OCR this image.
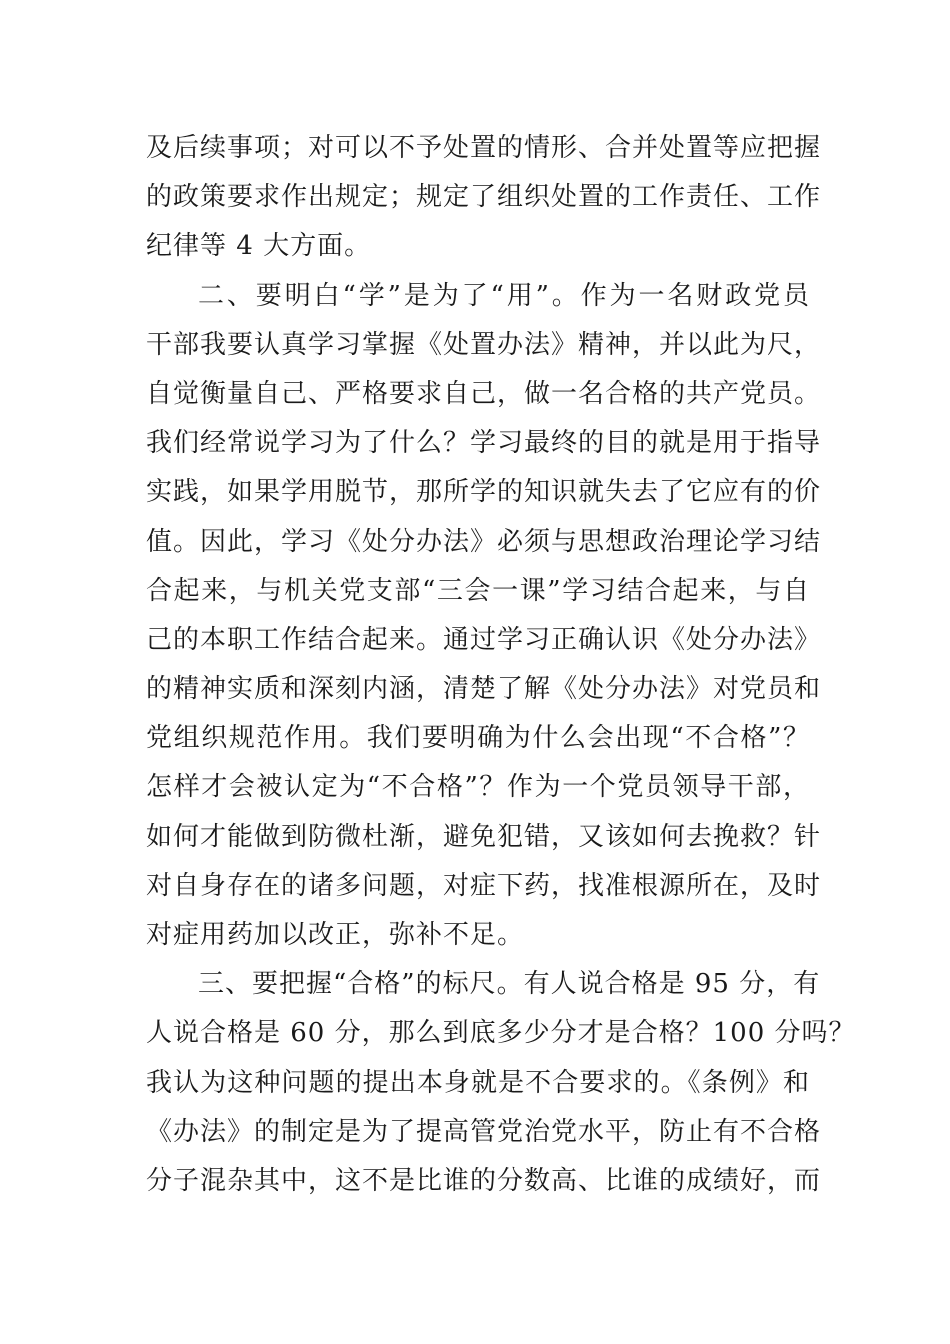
及后续事项；对可以不予处置的情形、合并处置等应把握
的政策要求作出规定；规定了组织处置的工作责任、工作
纪律等 4 大方面。
二、要明白“学”是为了“用”。作为一名财政党员
干部我要认真学习掌握《处置办法》精神，并以此为尺，
自觉衡量自己、严格要求自己，做一名合格的共产党员。
我们经常说学习为了什么？学习最终的目的就是用于指导
实践，如果学用脱节，那所学的知识就失去了它应有的价
值。因此，学习《处分办法》必须与思想政治理论学习结
合起来，与机关党支部“三会一课”学习结合起来，与自
己的本职工作结合起来。通过学习正确认识《处分办法》
的精神实质和深刻内涵，清楚了解《处分办法》对党员和
党组织规范作用。我们要明确为什么会出现“不合格”？
怎样才会被认定为“不合格”？作为一个党员领导干部，
如何才能做到防微杜渐，避免犯错，又该如何去挽救？针
对自身存在的诸多问题，对症下药，找准根源所在，及时
对症用药加以改正，弥补不足。
三、要把握“合格”的标尺。有人说合格是 95 分，有
人说合格是 60 分，那么到底多少分才是合格？100 分吗？
我认为这种问题的提出本身就是不合要求的。《条例》和
《办法》的制定是为了提高管党治党水平，防止有不合格
分子混杂其中，这不是比谁的分数高、比谁的成绩好，而
